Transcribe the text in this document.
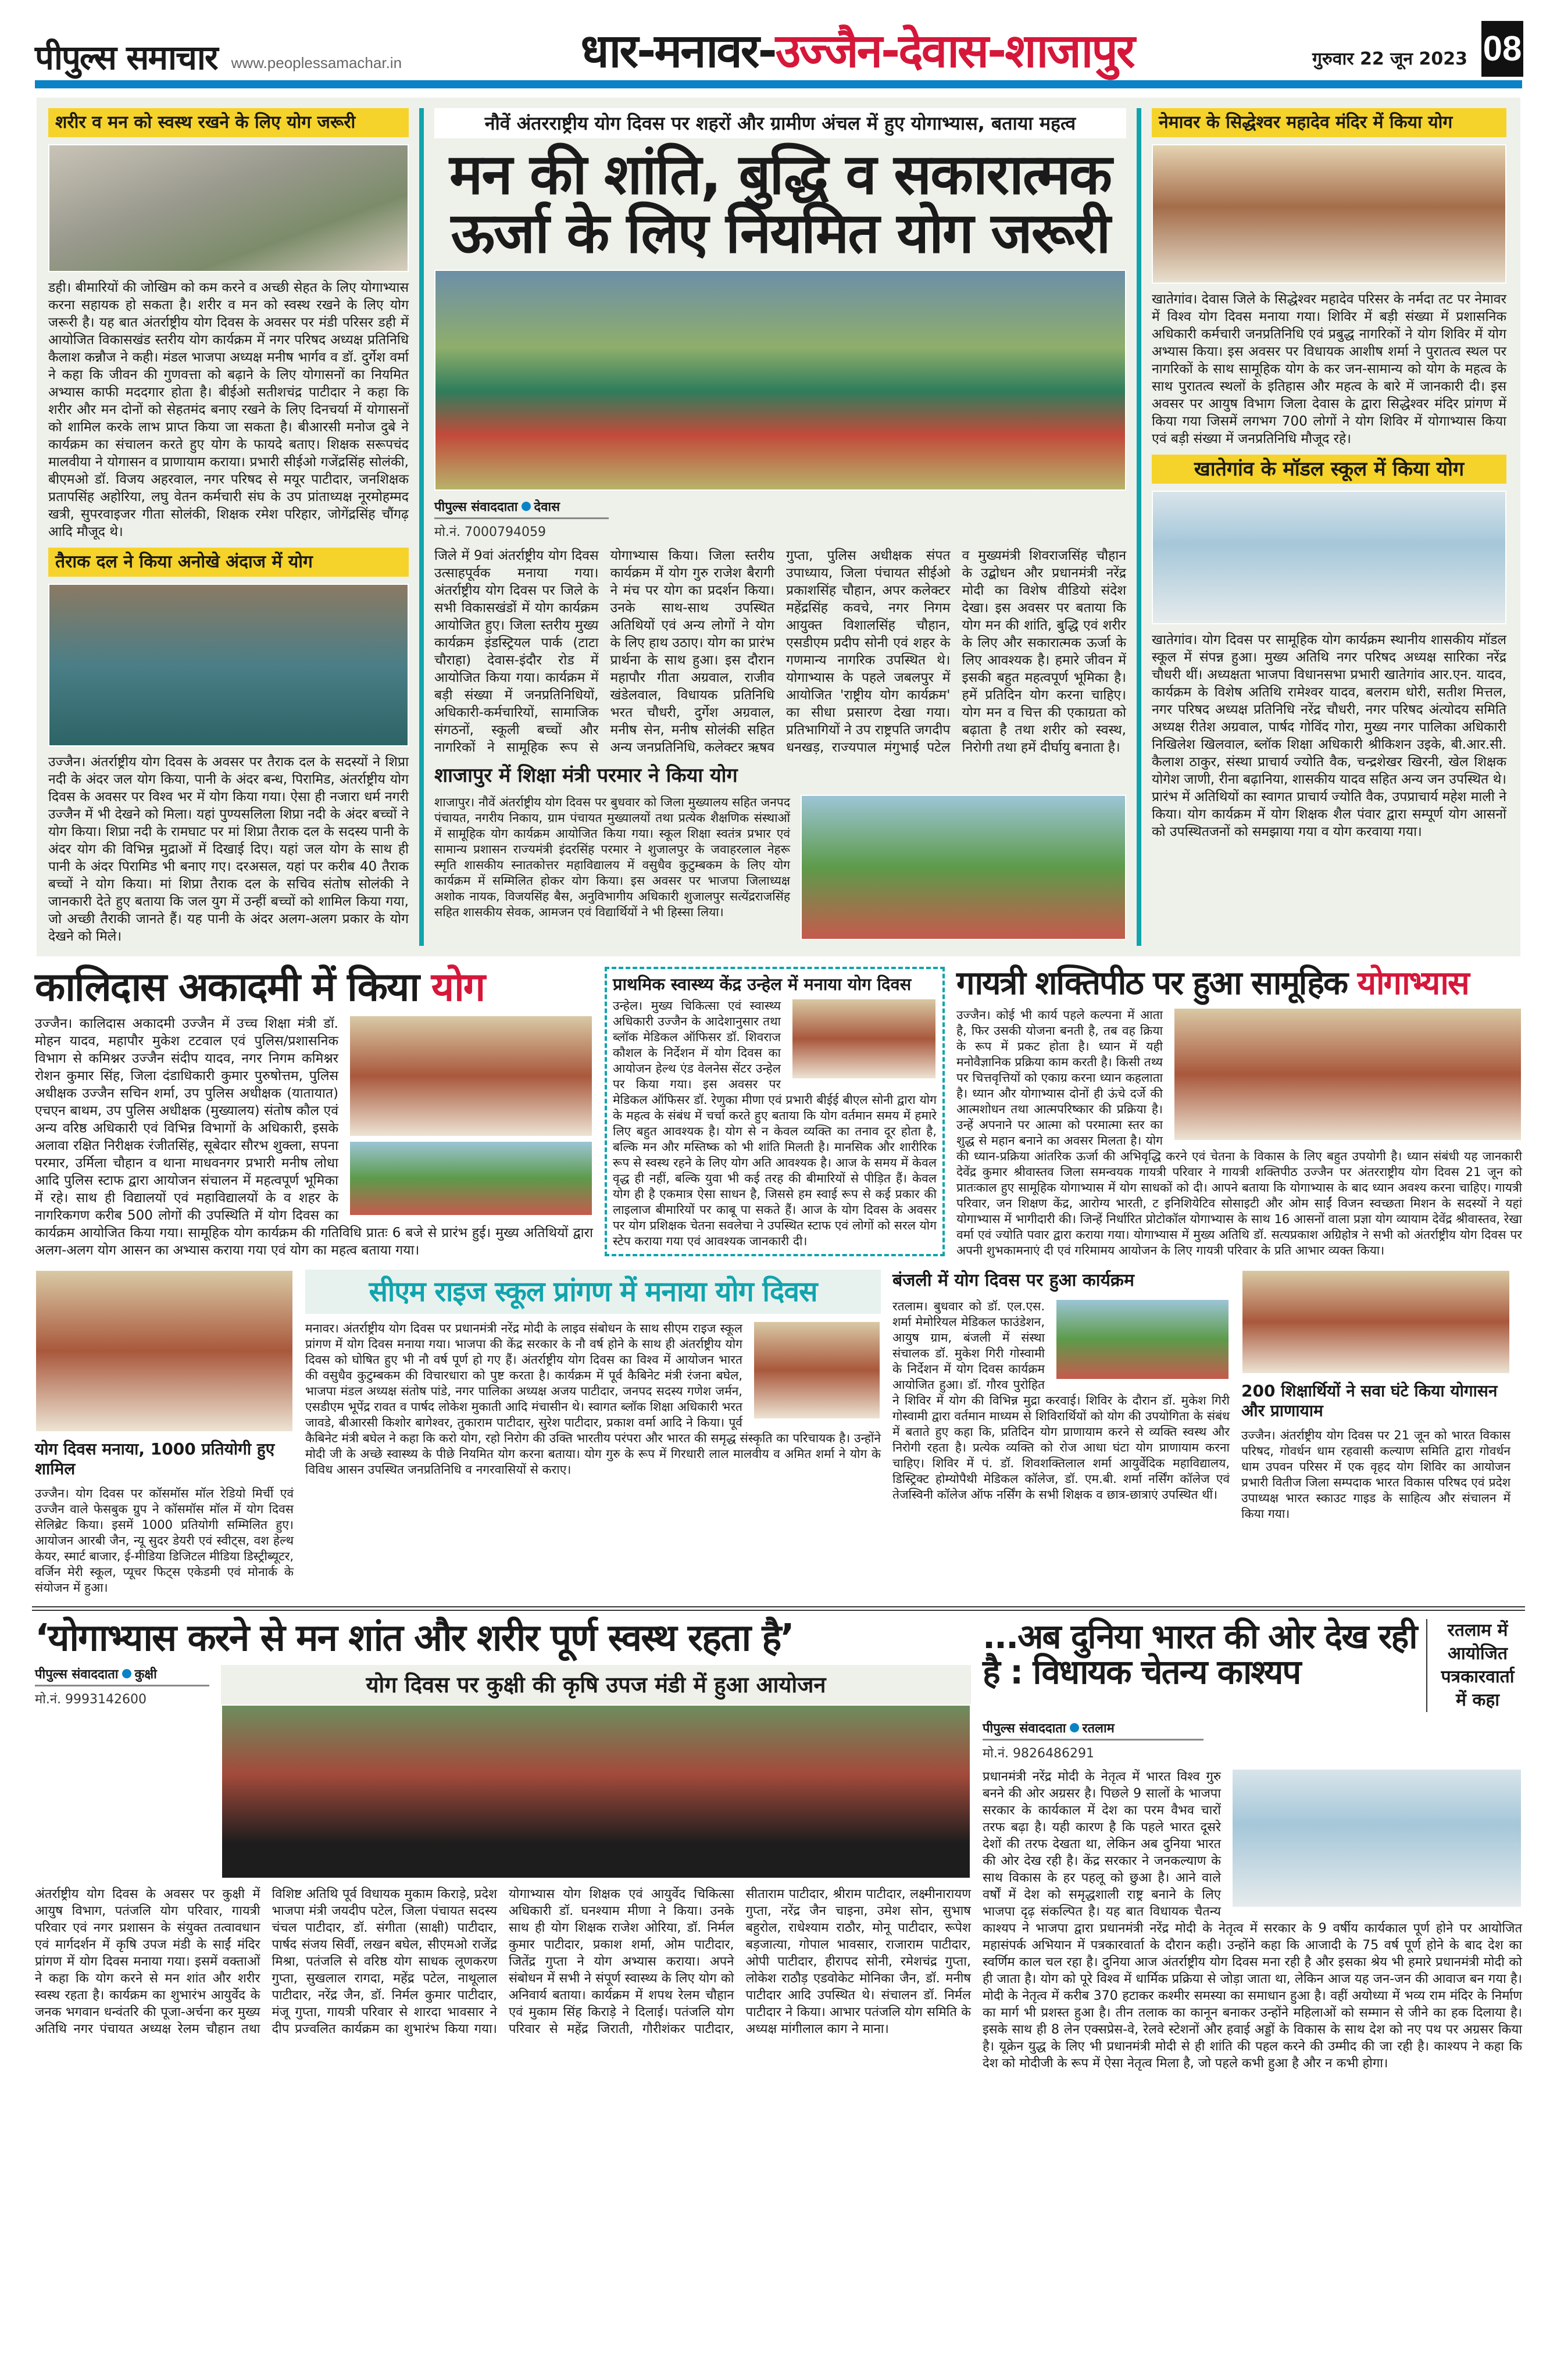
पीपुल्स समाचार www.peoplessamachar.in	धार-मनावर-उज्जैन-देवास-शाजापुर	गुरुवार 22 जून 2023 08
शरीर व मन को स्वस्थ रखने के लिए योग जरूरी
डही। बीमारियों की जोखिम को कम करने व अच्छी सेहत के लिए योगाभ्यास करना सहायक हो सकता है। शरीर व मन को स्वस्थ रखने के लिए योग जरूरी है। यह बात अंतर्राष्ट्रीय योग दिवस के अवसर पर मंडी परिसर डही में आयोजित विकासखंड स्तरीय योग कार्यक्रम में नगर परिषद अध्यक्ष प्रतिनिधि कैलाश कन्नौज ने कही। मंडल भाजपा अध्यक्ष मनीष भार्गव व डॉ. दुर्गेश वर्मा ने कहा कि जीवन की गुणवत्ता को बढ़ाने के लिए योगासनों का नियमित अभ्यास काफी मददगार होता है। बीईओ सतीशचंद्र पाटीदार ने कहा कि शरीर और मन दोनों को सेहतमंद बनाए रखने के लिए दिनचर्या में योगासनों को शामिल करके लाभ प्राप्त किया जा सकता है। बीआरसी मनोज दुबे ने कार्यक्रम का संचालन करते हुए योग के फायदे बताए। शिक्षक सरूपचंद मालवीया ने योगासन व प्राणायाम कराया। प्रभारी सीईओ गजेंद्रसिंह सोलंकी, बीएमओ डॉ. विजय अहरवाल, नगर परिषद से मयूर पाटीदार, जनशिक्षक प्रतापसिंह अहोरिया, लघु वेतन कर्मचारी संघ के उप प्रांताध्यक्ष नूरमोहम्मद खत्री, सुपरवाइजर गीता सोलंकी, शिक्षक रमेश परिहार, जोगेंद्रसिंह चौंगढ़ आदि मौजूद थे।
तैराक दल ने किया अनोखे अंदाज में योग
उज्जैन। अंतर्राष्ट्रीय योग दिवस के अवसर पर तैराक दल के सदस्यों ने शिप्रा नदी के अंदर जल योग किया, पानी के अंदर बन्ध, पिरामिड, अंतर्राष्ट्रीय योग दिवस के अवसर पर विश्व भर में योग किया गया। ऐसा ही नजारा धर्म नगरी उज्जैन में भी देखने को मिला। यहां पुण्यसलिला शिप्रा नदी के अंदर बच्चों ने योग किया। शिप्रा नदी के रामघाट पर मां शिप्रा तैराक दल के सदस्य पानी के अंदर योग की विभिन्न मुद्राओं में दिखाई दिए। यहां जल योग के साथ ही पानी के अंदर पिरामिड भी बनाए गए। दरअसल, यहां पर करीब 40 तैराक बच्चों ने योग किया। मां शिप्रा तैराक दल के सचिव संतोष सोलंकी ने जानकारी देते हुए बताया कि जल युग में उन्हीं बच्चों को शामिल किया गया, जो अच्छी तैराकी जानते हैं। यह पानी के अंदर अलग-अलग प्रकार के योग देखने को मिले।
नौवें अंतरराष्ट्रीय योग दिवस पर शहरों और ग्रामीण अंचल में हुए योगाभ्यास, बताया महत्व
मन की शांति, बुद्धि व सकारात्मक ऊर्जा के लिए नियमित योग जरूरी
पीपुल्स संवाददाता देवास
मो.नं. 7000794059
जिले में 9वां अंतर्राष्ट्रीय योग दिवस उत्साहपूर्वक मनाया गया। अंतर्राष्ट्रीय योग दिवस पर जिले के सभी विकासखंडों में योग कार्यक्रम आयोजित हुए। जिला स्तरीय मुख्य कार्यक्रम इंडस्ट्रियल पार्क (टाटा चौराहा) देवास-इंदौर रोड में आयोजित किया गया। कार्यक्रम में बड़ी संख्या में जनप्रतिनिधियों, अधिकारी-कर्मचारियों, सामाजिक संगठनों, स्कूली बच्चों और नागरिकों ने सामूहिक रूप से योगाभ्यास किया। जिला स्तरीय कार्यक्रम में योग गुरु राजेश बैरागी ने मंच पर योग का प्रदर्शन किया। उनके साथ-साथ उपस्थित अतिथियों एवं अन्य लोगों ने योग के लिए हाथ उठाए। योग का प्रारंभ प्रार्थना के साथ हुआ। इस दौरान महापौर गीता अग्रवाल, राजीव खंडेलवाल, विधायक प्रतिनिधि भरत चौधरी, दुर्गेश अग्रवाल, मनीष सेन, मनीष सोलंकी सहित अन्य जनप्रतिनिधि, कलेक्टर ऋषव गुप्ता, पुलिस अधीक्षक संपत उपाध्याय, जिला पंचायत सीईओ प्रकाशसिंह चौहान, अपर कलेक्टर महेंद्रसिंह कवचे, नगर निगम आयुक्त विशालसिंह चौहान, एसडीएम प्रदीप सोनी एवं शहर के गणमान्य नागरिक उपस्थित थे। योगाभ्यास के पहले जबलपुर में आयोजित 'राष्ट्रीय योग कार्यक्रम' का सीधा प्रसारण देखा गया। प्रतिभागियों ने उप राष्ट्रपति जगदीप धनखड़, राज्यपाल मंगुभाई पटेल व मुख्यमंत्री शिवराजसिंह चौहान के उद्बोधन और प्रधानमंत्री नरेंद्र मोदी का विशेष वीडियो संदेश देखा। इस अवसर पर बताया कि योग मन की शांति, बुद्धि एवं शरीर के लिए और सकारात्मक ऊर्जा के लिए आवश्यक है। हमारे जीवन में इसकी बहुत महत्वपूर्ण भूमिका है। हमें प्रतिदिन योग करना चाहिए। योग मन व चित्त की एकाग्रता को बढ़ाता है तथा शरीर को स्वस्थ, निरोगी तथा हमें दीर्घायु बनाता है।
शाजापुर में शिक्षा मंत्री परमार ने किया योग
शाजापुर। नौवें अंतर्राष्ट्रीय योग दिवस पर बुधवार को जिला मुख्यालय सहित जनपद पंचायत, नगरीय निकाय, ग्राम पंचायत मुख्यालयों तथा प्रत्येक शैक्षणिक संस्थाओं में सामूहिक योग कार्यक्रम आयोजित किया गया। स्कूल शिक्षा स्वतंत्र प्रभार एवं सामान्य प्रशासन राज्यमंत्री इंदरसिंह परमार ने शुजालपुर के जवाहरलाल नेहरू स्मृति शासकीय स्नातकोत्तर महाविद्यालय में वसुधैव कुटुम्बकम के लिए योग कार्यक्रम में सम्मिलित होकर योग किया। इस अवसर पर भाजपा जिलाध्यक्ष अशोक नायक, विजयसिंह बैस, अनुविभागीय अधिकारी शुजालपुर सत्येंद्रराजसिंह सहित शासकीय सेवक, आमजन एवं विद्यार्थियों ने भी हिस्सा लिया।
नेमावर के सिद्धेश्वर महादेव मंदिर में किया योग
खातेगांव। देवास जिले के सिद्धेश्वर महादेव परिसर के नर्मदा तट पर नेमावर में विश्व योग दिवस मनाया गया। शिविर में बड़ी संख्या में प्रशासनिक अधिकारी कर्मचारी जनप्रतिनिधि एवं प्रबुद्ध नागरिकों ने योग शिविर में योग अभ्यास किया। इस अवसर पर विधायक आशीष शर्मा ने पुरातत्व स्थल पर नागरिकों के साथ सामूहिक योग के कर जन-सामान्य को योग के महत्व के साथ पुरातत्व स्थलों के इतिहास और महत्व के बारे में जानकारी दी। इस अवसर पर आयुष विभाग जिला देवास के द्वारा सिद्धेश्वर मंदिर प्रांगण में किया गया जिसमें लगभग 700 लोगों ने योग शिविर में योगाभ्यास किया एवं बड़ी संख्या में जनप्रतिनिधि मौजूद रहे।
खातेगांव के मॉडल स्कूल में किया योग
खातेगांव। योग दिवस पर सामूहिक योग कार्यक्रम स्थानीय शासकीय मॉडल स्कूल में संपन्न हुआ। मुख्य अतिथि नगर परिषद अध्यक्ष सारिका नरेंद्र चौधरी थीं। अध्यक्षता भाजपा विधानसभा प्रभारी खातेगांव आर.एन. यादव, कार्यक्रम के विशेष अतिथि रामेश्वर यादव, बलराम धोरी, सतीश मित्तल, नगर परिषद अध्यक्ष प्रतिनिधि नरेंद्र चौधरी, नगर परिषद अंत्योदय समिति अध्यक्ष रीतेश अग्रवाल, पार्षद गोविंद गोरा, मुख्य नगर पालिका अधिकारी निखिलेश खिलवाल, ब्लॉक शिक्षा अधिकारी श्रीकिशन उइके, बी.आर.सी. कैलाश ठाकुर, संस्था प्राचार्य ज्योति वैक, चन्द्रशेखर खिरनी, खेल शिक्षक योगेश जाणी, रीना बढ़ानिया, शासकीय यादव सहित अन्य जन उपस्थित थे। प्रारंभ में अतिथियों का स्वागत प्राचार्य ज्योति वैक, उपप्राचार्य महेश माली ने किया। योग कार्यक्रम में योग शिक्षक शैल पंवार द्वारा सम्पूर्ण योग आसनों को उपस्थितजनों को समझाया गया व योग करवाया गया।
कालिदास अकादमी में किया योग
उज्जैन। कालिदास अकादमी उज्जैन में उच्च शिक्षा मंत्री डॉ. मोहन यादव, महापौर मुकेश टटवाल एवं पुलिस/प्रशासनिक विभाग से कमिश्नर उज्जैन संदीप यादव, नगर निगम कमिश्नर रोशन कुमार सिंह, जिला दंडाधिकारी कुमार पुरुषोत्तम, पुलिस अधीक्षक उज्जैन सचिन शर्मा, उप पुलिस अधीक्षक (यातायात) एचएन बाथम, उप पुलिस अधीक्षक (मुख्यालय) संतोष कौल एवं अन्य वरिष्ठ अधिकारी एवं विभिन्न विभागों के अधिकारी, इसके अलावा रक्षित निरीक्षक रंजीतसिंह, सूबेदार सौरभ शुक्ला, सपना परमार, उर्मिला चौहान व थाना माधवनगर प्रभारी मनीष लोधा आदि पुलिस स्टाफ द्वारा आयोजन संचालन में महत्वपूर्ण भूमिका में रहे। साथ ही विद्यालयों एवं महाविद्यालयों के व शहर के नागरिकगण करीब 500 लोगों की उपस्थिति में योग दिवस का कार्यक्रम आयोजित किया गया। सामूहिक योग कार्यक्रम की गतिविधि प्रातः 6 बजे से प्रारंभ हुई। मुख्य अतिथियों द्वारा अलग-अलग योग आसन का अभ्यास कराया गया एवं योग का महत्व बताया गया।
प्राथमिक स्वास्थ्य केंद्र उन्हेल में मनाया योग दिवस
उन्हेल। मुख्य चिकित्सा एवं स्वास्थ्य अधिकारी उज्जैन के आदेशानुसार तथा ब्लॉक मेडिकल ऑफिसर डॉ. शिवराज कौशल के निर्देशन में योग दिवस का आयोजन हेल्थ एंड वेलनेस सेंटर उन्हेल पर किया गया। इस अवसर पर मेडिकल ऑफिसर डॉ. रेणुका मीणा एवं प्रभारी बीईई बीएल सोनी द्वारा योग के महत्व के संबंध में चर्चा करते हुए बताया कि योग वर्तमान समय में हमारे लिए बहुत आवश्यक है। योग से न केवल व्यक्ति का तनाव दूर होता है, बल्कि मन और मस्तिष्क को भी शांति मिलती है। मानसिक और शारीरिक रूप से स्वस्थ रहने के लिए योग अति आवश्यक है। आज के समय में केवल वृद्ध ही नहीं, बल्कि युवा भी कई तरह की बीमारियों से पीड़ित हैं। केवल योग ही है एकमात्र ऐसा साधन है, जिससे हम स्वाई रूप से कई प्रकार की लाइलाज बीमारियों पर काबू पा सकते हैं। आज के योग दिवस के अवसर पर योग प्रशिक्षक चेतना सवलेचा ने उपस्थित स्टाफ एवं लोगों को सरल योग स्टेप कराया गया एवं आवश्यक जानकारी दी।
गायत्री शक्तिपीठ पर हुआ सामूहिक योगाभ्यास
उज्जैन। कोई भी कार्य पहले कल्पना में आता है, फिर उसकी योजना बनती है, तब वह क्रिया के रूप में प्रकट होता है। ध्यान में यही मनोवैज्ञानिक प्रक्रिया काम करती है। किसी तथ्य पर चित्तवृत्तियों को एकाग्र करना ध्यान कहलाता है। ध्यान और योगाभ्यास दोनों ही ऊंचे दर्जे की आत्मशोधन तथा आत्मपरिष्कार की प्रक्रिया है। उन्हें अपनाने पर आत्मा को परमात्मा स्तर का शुद्ध से महान बनाने का अवसर मिलता है। योग की ध्यान-प्रक्रिया आंतरिक ऊर्जा की अभिवृद्धि करने एवं चेतना के विकास के लिए बहुत उपयोगी है। ध्यान संबंधी यह जानकारी देवेंद्र कुमार श्रीवास्तव जिला समन्वयक गायत्री परिवार ने गायत्री शक्तिपीठ उज्जैन पर अंतरराष्ट्रीय योग दिवस 21 जून को प्रातःकाल हुए सामूहिक योगाभ्यास में योग साधकों को दी। आपने बताया कि योगाभ्यास के बाद ध्यान अवश्य करना चाहिए। गायत्री परिवार, जन शिक्षण केंद्र, आरोग्य भारती, ट इनिशियेटिव सोसाइटी और ओम साईं विजन स्वच्छता मिशन के सदस्यों ने यहां योगाभ्यास में भागीदारी की। जिन्हें निर्धारित प्रोटोकॉल योगाभ्यास के साथ 16 आसनों वाला प्रज्ञा योग व्यायाम देवेंद्र श्रीवास्तव, रेखा वर्मा एवं ज्योति पवार द्वारा कराया गया। योगाभ्यास में मुख्य अतिथि डॉ. सत्यप्रकाश अग्रिहोत्र ने सभी को अंतर्राष्ट्रीय योग दिवस पर अपनी शुभकामनाएं दी एवं गरिमामय आयोजन के लिए गायत्री परिवार के प्रति आभार व्यक्त किया।
योग दिवस मनाया, 1000 प्रतियोगी हुए शामिल
उज्जैन। योग दिवस पर कॉसमॉस मॉल रेडियो मिर्ची एवं उज्जैन वाले फेसबुक ग्रुप ने कॉसमॉस मॉल में योग दिवस सेलिब्रेट किया। इसमें 1000 प्रतियोगी सम्मिलित हुए। आयोजन आरबी जैन, न्यू सुदर डेयरी एवं स्वीट्स, वश हेल्थ केयर, स्मार्ट बाजार, ई-मीडिया डिजिटल मीडिया डिस्ट्रीब्यूटर, वर्जिन मेरी स्कूल, प्यूचर फिट्स एकेडमी एवं मोनार्क के संयोजन में हुआ।
सीएम राइज स्कूल प्रांगण में मनाया योग दिवस
मनावर। अंतर्राष्ट्रीय योग दिवस पर प्रधानमंत्री नरेंद्र मोदी के लाइव संबोधन के साथ सीएम राइज स्कूल प्रांगण में योग दिवस मनाया गया। भाजपा की केंद्र सरकार के नौ वर्ष होने के साथ ही अंतर्राष्ट्रीय योग दिवस को घोषित हुए भी नौ वर्ष पूर्ण हो गए हैं। अंतर्राष्ट्रीय योग दिवस का विश्व में आयोजन भारत की वसुधैव कुटुम्बकम की विचारधारा को पुष्ट करता है। कार्यक्रम में पूर्व कैबिनेट मंत्री रंजना बघेल, भाजपा मंडल अध्यक्ष संतोष पांडे, नगर पालिका अध्यक्ष अजय पाटीदार, जनपद सदस्य गणेश जर्मन, एसडीएम भूपेंद्र रावत व पार्षद लोकेश मुकाती आदि मंचासीन थे। स्वागत ब्लॉक शिक्षा अधिकारी भरत जावडे, बीआरसी किशोर बागेश्वर, तुकाराम पाटीदार, सुरेश पाटीदार, प्रकाश वर्मा आदि ने किया। पूर्व कैबिनेट मंत्री बघेल ने कहा कि करो योग, रहो निरोग की उक्ति भारतीय परंपरा और भारत की समृद्ध संस्कृति का परिचायक है। उन्होंने मोदी जी के अच्छे स्वास्थ्य के पीछे नियमित योग करना बताया। योग गुरु के रूप में गिरधारी लाल मालवीय व अमित शर्मा ने योग के विविध आसन उपस्थित जनप्रतिनिधि व नगरवासियों से कराए।
बंजली में योग दिवस पर हुआ कार्यक्रम
रतलाम। बुधवार को डॉ. एल.एस. शर्मा मेमोरियल मेडिकल फाउंडेशन, आयुष ग्राम, बंजली में संस्था संचालक डॉ. मुकेश गिरी गोस्वामी के निर्देशन में योग दिवस कार्यक्रम आयोजित हुआ। डॉ. गौरव पुरोहित ने शिविर में योग की विभिन्न मुद्रा करवाई। शिविर के दौरान डॉ. मुकेश गिरी गोस्वामी द्वारा वर्तमान माध्यम से शिविरार्थियों को योग की उपयोगिता के संबंध में बताते हुए कहा कि, प्रतिदिन योग प्राणायाम करने से व्यक्ति स्वस्थ और निरोगी रहता है। प्रत्येक व्यक्ति को रोज आधा घंटा योग प्राणायाम करना चाहिए। शिविर में पं. डॉ. शिवशक्तिलाल शर्मा आयुर्वेदिक महाविद्यालय, डिस्ट्रिक्ट होम्योपैथी मेडिकल कॉलेज, डॉ. एम.बी. शर्मा नर्सिंग कॉलेज एवं तेजस्विनी कॉलेज ऑफ नर्सिंग के सभी शिक्षक व छात्र-छात्राएं उपस्थित थीं।
200 शिक्षार्थियों ने सवा घंटे किया योगासन और प्राणायाम
उज्जैन। अंतर्राष्ट्रीय योग दिवस पर 21 जून को भारत विकास परिषद, गोवर्धन धाम रहवासी कल्याण समिति द्वारा गोवर्धन धाम उपवन परिसर में एक वृहद योग शिविर का आयोजन प्रभारी वितीज जिला सम्पदाक भारत विकास परिषद एवं प्रदेश उपाध्यक्ष भारत स्काउट गाइड के साहित्य और संचालन में किया गया।
‘योगाभ्यास करने से मन शांत और शरीर पूर्ण स्वस्थ रहता है’
पीपुल्स संवाददाता कुक्षी
मो.नं. 9993142600
योग दिवस पर कुक्षी की कृषि उपज मंडी में हुआ आयोजन
अंतर्राष्ट्रीय योग दिवस के अवसर पर कुक्षी में आयुष विभाग, पतंजलि योग परिवार, गायत्री परिवार एवं नगर प्रशासन के संयुक्त तत्वावधान एवं मार्गदर्शन में कृषि उपज मंडी के साईं मंदिर प्रांगण में योग दिवस मनाया गया। इसमें वक्ताओं ने कहा कि योग करने से मन शांत और शरीर स्वस्थ रहता है। कार्यक्रम का शुभारंभ आयुर्वेद के जनक भगवान धन्वंतरि की पूजा-अर्चना कर मुख्य अतिथि नगर पंचायत अध्यक्ष रेलम चौहान तथा विशिष्ट अतिथि पूर्व विधायक मुकाम किराड़े, प्रदेश भाजपा मंत्री जयदीप पटेल, जिला पंचायत सदस्य चंचल पाटीदार, डॉ. संगीता (साक्षी) पाटीदार, पार्षद संजय सिर्वी, लखन बघेल, सीएमओ राजेंद्र मिश्रा, पतंजलि से वरिष्ठ योग साधक लूणकरण गुप्ता, सुखलाल रागदा, महेंद्र पटेल, नाथूलाल पाटीदार, नरेंद्र जैन, डॉ. निर्मल कुमार पाटीदार, मंजू गुप्ता, गायत्री परिवार से शारदा भावसार ने दीप प्रज्वलित कार्यक्रम का शुभारंभ किया गया। योगाभ्यास योग शिक्षक एवं आयुर्वेद चिकित्सा अधिकारी डॉ. घनश्याम मीणा ने किया। उनके साथ ही योग शिक्षक राजेश ओरिया, डॉ. निर्मल कुमार पाटीदार, प्रकाश शर्मा, ओम पाटीदार, जितेंद्र गुप्ता ने योग अभ्यास कराया। अपने संबोधन में सभी ने संपूर्ण स्वास्थ्य के लिए योग को अनिवार्य बताया। कार्यक्रम में शपथ रेलम चौहान एवं मुकाम सिंह किराड़े ने दिलाई। पतंजलि योग परिवार से महेंद्र जिराती, गौरीशंकर पाटीदार, सीताराम पाटीदार, श्रीराम पाटीदार, लक्ष्मीनारायण गुप्ता, नरेंद्र जैन चाइना, उमेश सोन, सुभाष बहुरोल, राधेश्याम राठौर, मोनू पाटीदार, रूपेश बड़जात्या, गोपाल भावसार, राजाराम पाटीदार, ओपी पाटीदार, हीरापद सोनी, रमेशचंद्र गुप्ता, लोकेश राठौड़ एडवोकेट मोनिका जैन, डॉ. मनीष पाटीदार आदि उपस्थित थे। संचालन डॉ. निर्मल पाटीदार ने किया। आभार पतंजलि योग समिति के अध्यक्ष मांगीलाल काग ने माना।
...अब दुनिया भारत की ओर देख रही है : विधायक चेतन्य काश्यप
रतलाम में आयोजित पत्रकारवार्ता में कहा
पीपुल्स संवाददाता रतलाम
मो.नं. 9826486291
प्रधानमंत्री नरेंद्र मोदी के नेतृत्व में भारत विश्व गुरु बनने की ओर अग्रसर है। पिछले 9 सालों के भाजपा सरकार के कार्यकाल में देश का परम वैभव चारों तरफ बढ़ा है। यही कारण है कि पहले भारत दूसरे देशों की तरफ देखता था, लेकिन अब दुनिया भारत की ओर देख रही है। केंद्र सरकार ने जनकल्याण के साथ विकास के हर पहलू को छुआ है। आने वाले वर्षों में देश को समृद्धशाली राष्ट्र बनाने के लिए भाजपा दृढ़ संकल्पित है। यह बात विधायक चैतन्य काश्यप ने भाजपा द्वारा प्रधानमंत्री नरेंद्र मोदी के नेतृत्व में सरकार के 9 वर्षीय कार्यकाल पूर्ण होने पर आयोजित महासंपर्क अभियान में पत्रकारवार्ता के दौरान कही। उन्होंने कहा कि आजादी के 75 वर्ष पूर्ण होने के बाद देश का स्वर्णिम काल चल रहा है। दुनिया आज अंतर्राष्ट्रीय योग दिवस मना रही है और इसका श्रेय भी हमारे प्रधानमंत्री मोदी को ही जाता है। योग को पूरे विश्व में धार्मिक प्रक्रिया से जोड़ा जाता था, लेकिन आज यह जन-जन की आवाज बन गया है। मोदी के नेतृत्व में करीब 370 हटाकर कश्मीर समस्या का समाधान हुआ है। वहीं अयोध्या में भव्य राम मंदिर के निर्माण का मार्ग भी प्रशस्त हुआ है। तीन तलाक का कानून बनाकर उन्होंने महिलाओं को सम्मान से जीने का हक दिलाया है। इसके साथ ही 8 लेन एक्सप्रेस-वे, रेलवे स्टेशनों और हवाई अड्डों के विकास के साथ देश को नए पथ पर अग्रसर किया है। यूक्रेन युद्ध के लिए भी प्रधानमंत्री मोदी से ही शांति की पहल करने की उम्मीद की जा रही है। काश्यप ने कहा कि देश को मोदीजी के रूप में ऐसा नेतृत्व मिला है, जो पहले कभी हुआ है और न कभी होगा।
